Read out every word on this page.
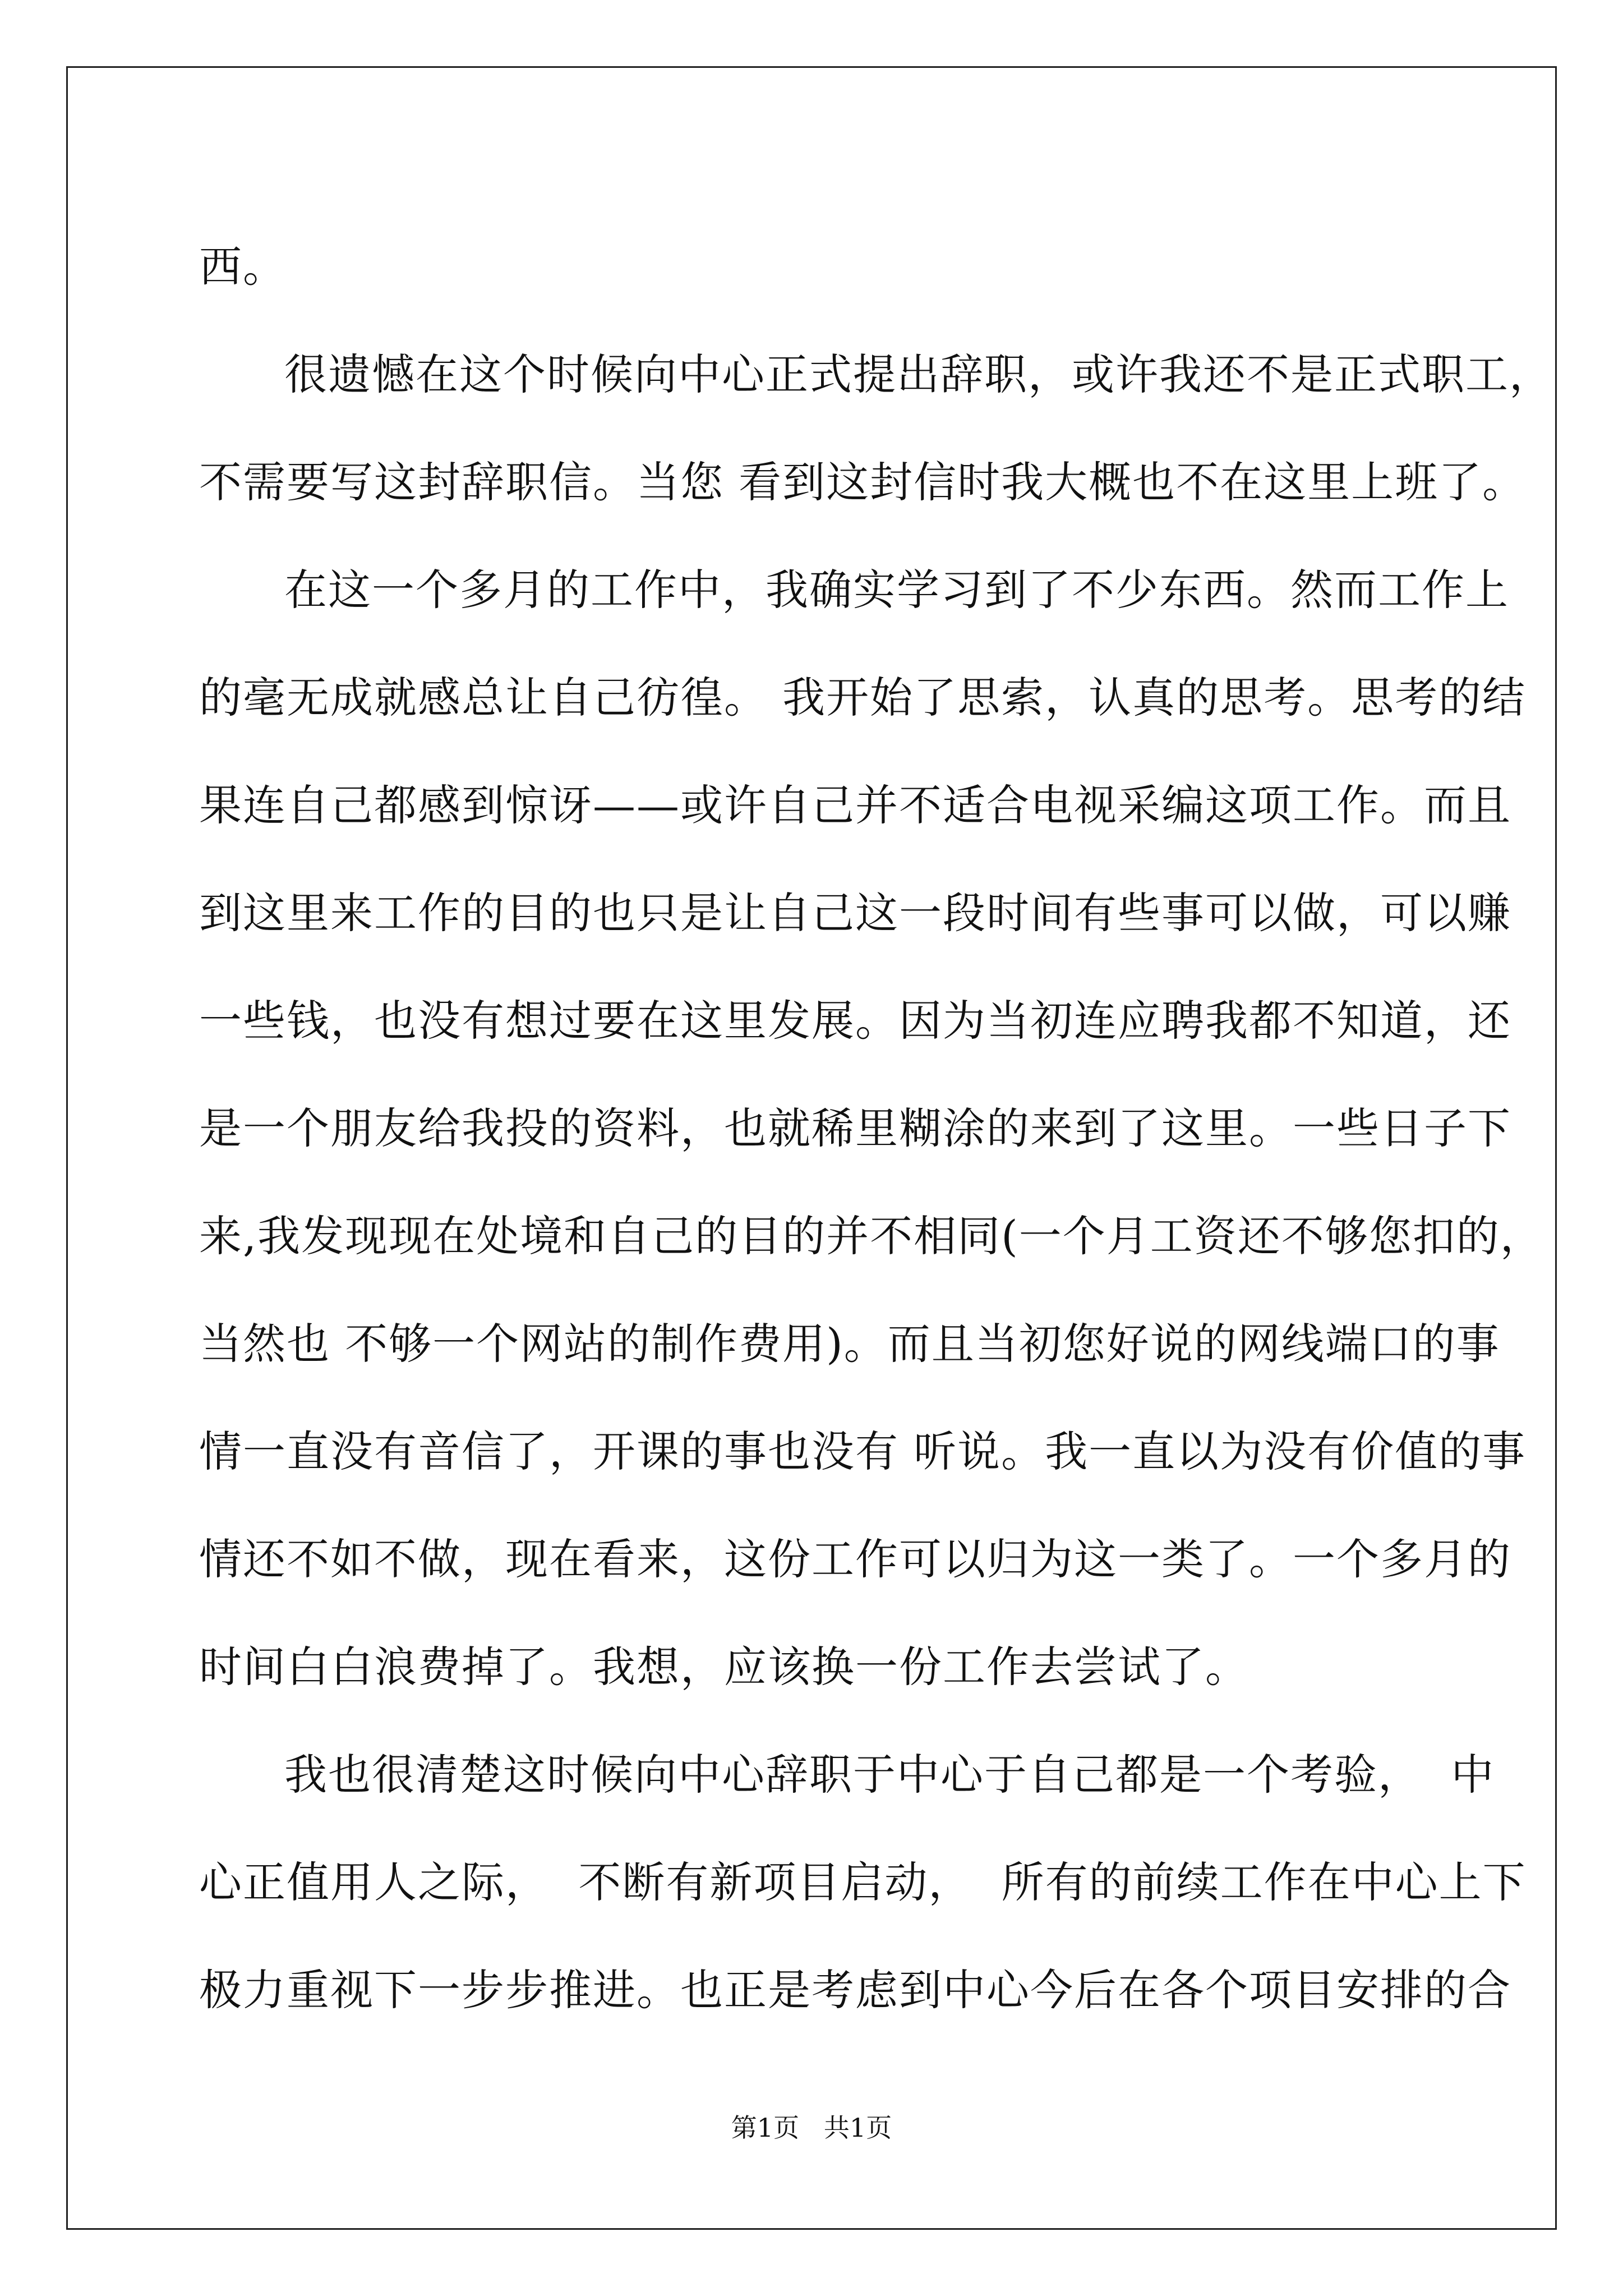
西。
很遗憾在这个时候向中心正式提出辞职，或许我还不是正式职工，
不需要写这封辞职信。当您 看到这封信时我大概也不在这里上班了。
在这一个多月的工作中，我确实学习到了不少东西。然而工作上
的毫无成就感总让自己彷徨。 我开始了思索，认真的思考。思考的结
果连自己都感到惊讶——或许自己并不适合电视采编这项工作。而且
到这里来工作的目的也只是让自己这一段时间有些事可以做，可以赚
一些钱，也没有想过要在这里发展。因为当初连应聘我都不知道，还
是一个朋友给我投的资料，也就稀里糊涂的来到了这里。一些日子下
来,我发现现在处境和自己的目的并不相同(一个月工资还不够您扣的，
当然也 不够一个网站的制作费用)。而且当初您好说的网线端口的事
情一直没有音信了，开课的事也没有 听说。我一直以为没有价值的事
情还不如不做，现在看来，这份工作可以归为这一类了。一个多月的
时间白白浪费掉了。我想，应该换一份工作去尝试了。
我也很清楚这时候向中心辞职于中心于自己都是一个考验，  中
心正值用人之际，  不断有新项目启动，  所有的前续工作在中心上下
极力重视下一步步推进。也正是考虑到中心今后在各个项目安排的合
第1页   共1页
